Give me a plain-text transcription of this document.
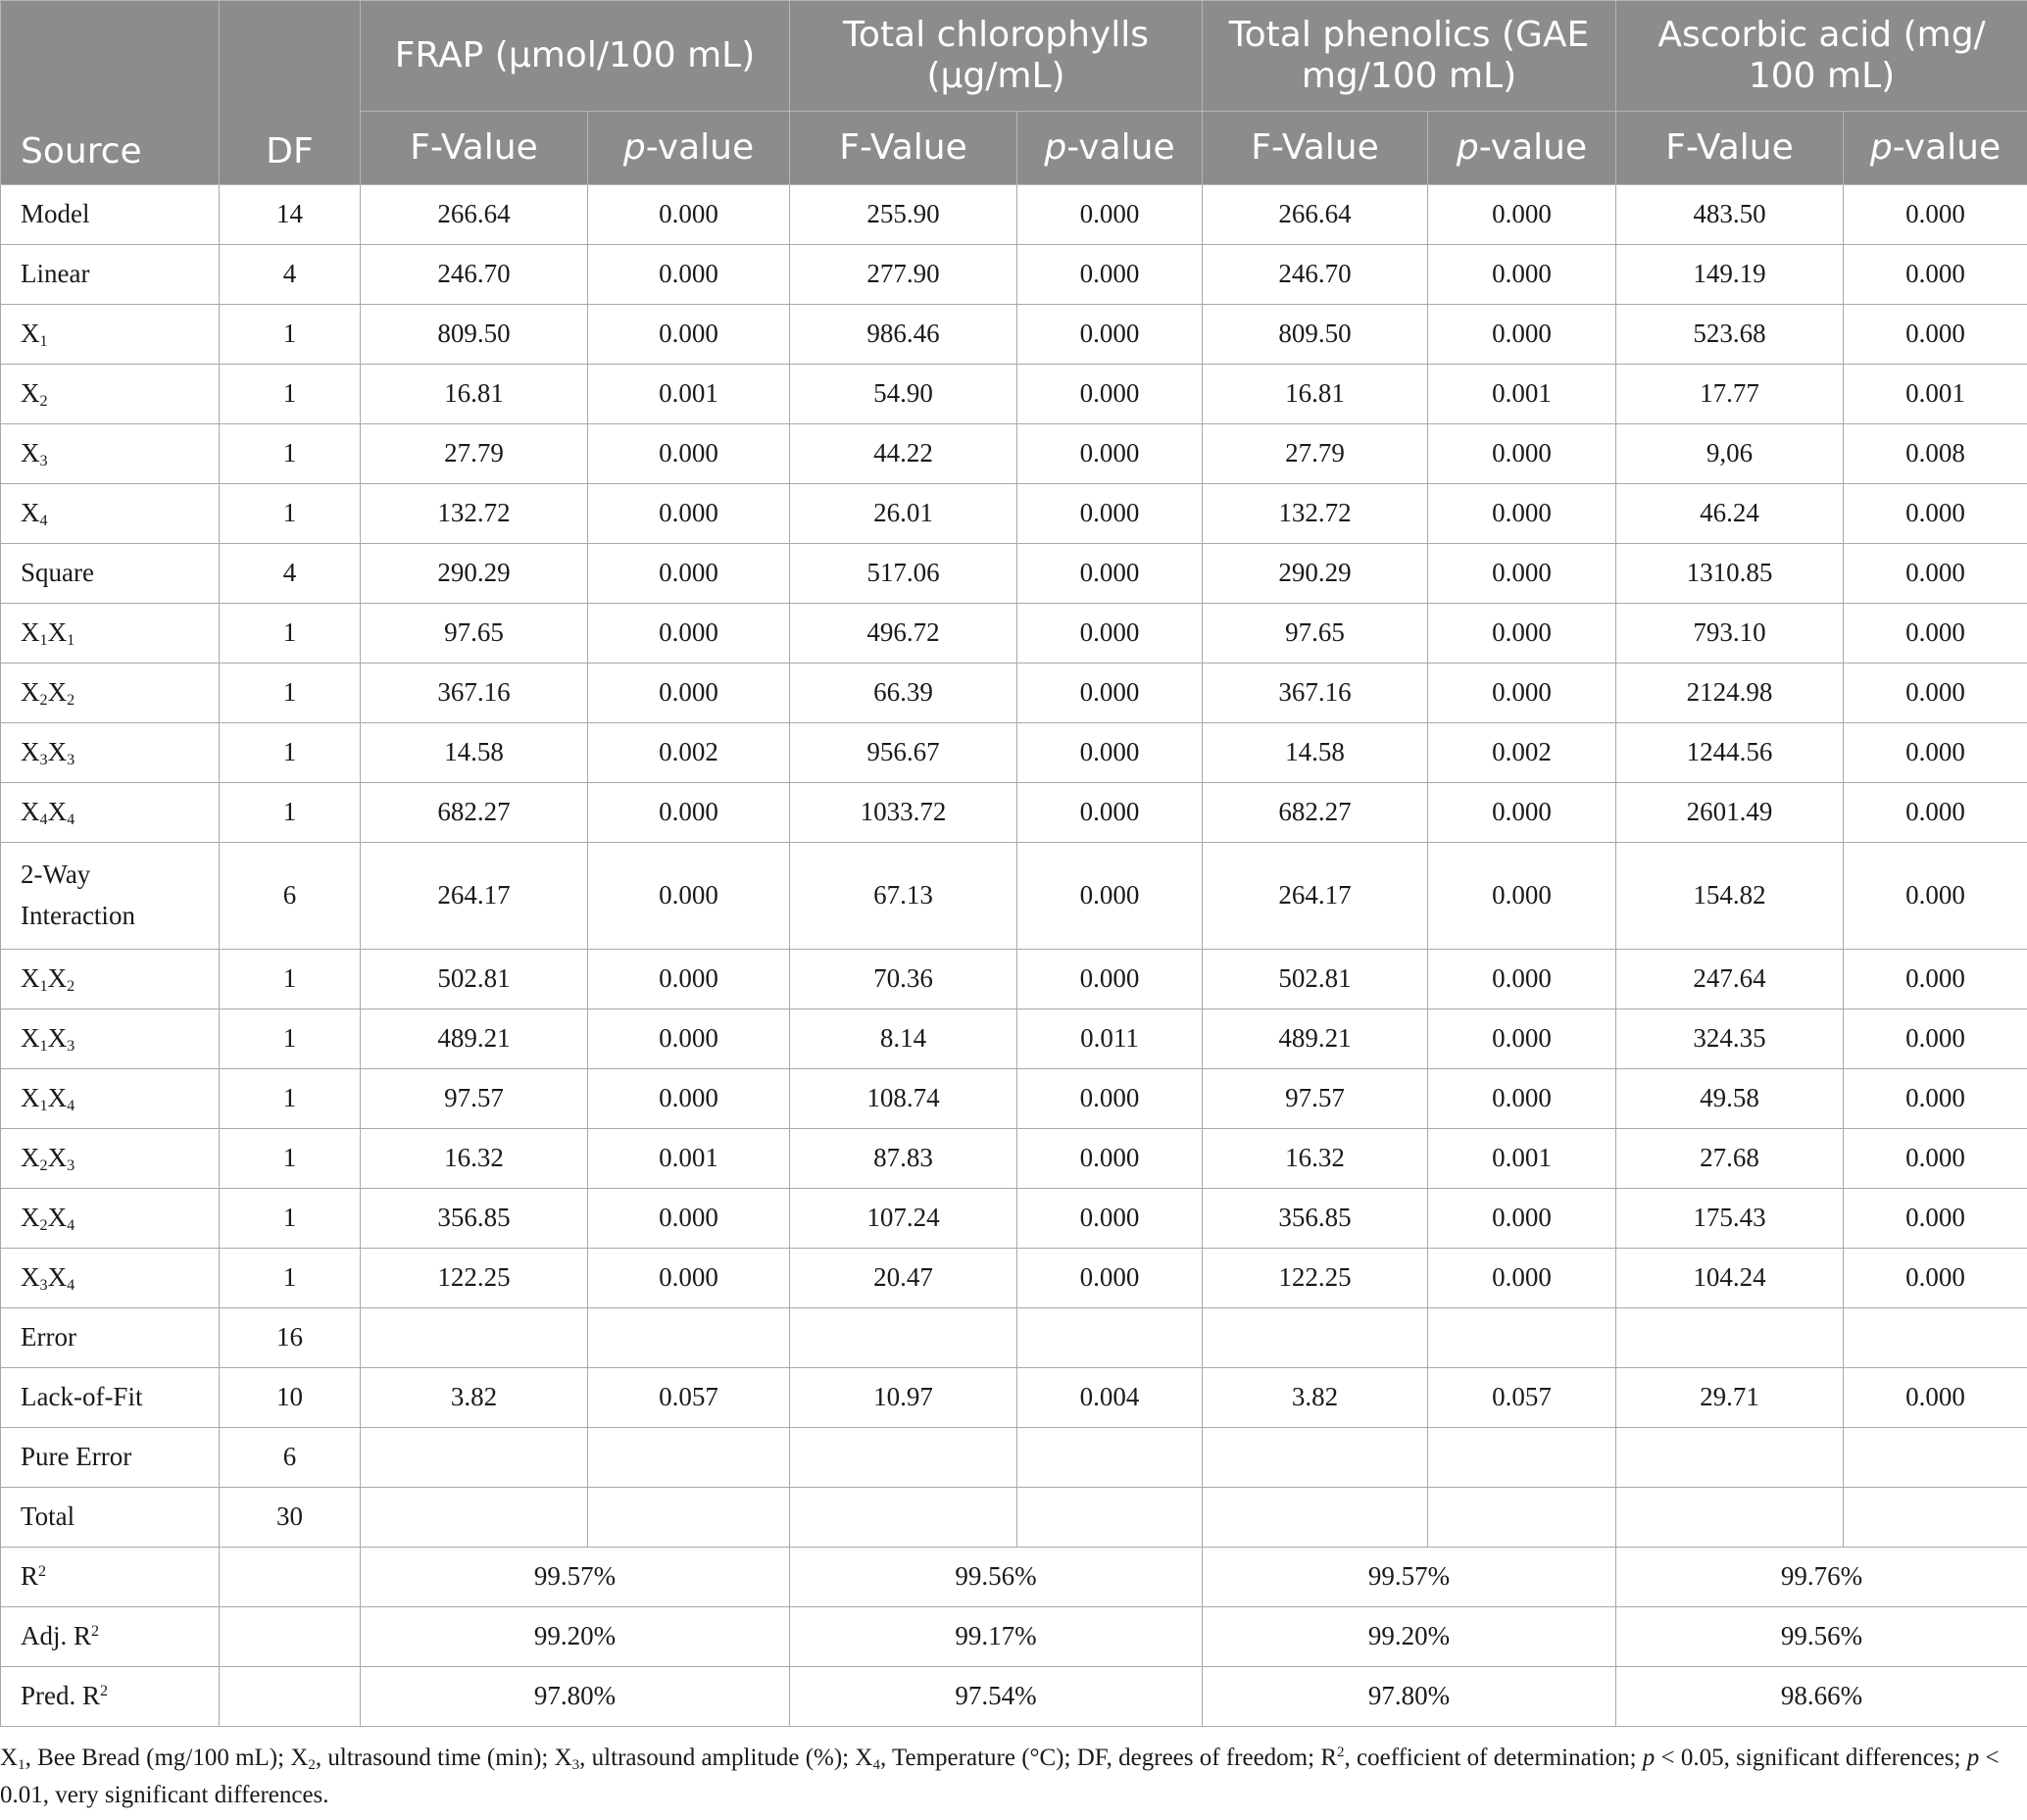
Source	DF	FRAP (μmol/100 mL)		Total chlorophylls (μg/mL)		Total phenolics (GAE mg/100 mL)		Ascorbic acid (mg/ 100 mL)	
		F-Value	p-value	F-Value	p-value	F-Value	p-value	F-Value	p-value
Model	14	266.64	0.000	255.90	0.000	266.64	0.000	483.50	0.000
Linear	4	246.70	0.000	277.90	0.000	246.70	0.000	149.19	0.000
$X_1$	1	809.50	0.000	986.46	0.000	809.50	0.000	523.68	0.000
$X_2$	1	16.81	0.001	54.90	0.000	16.81	0.001	17.77	0.001
$X_3$	1	27.79	0.000	44.22	0.000	27.79	0.000	9,06	0.008
$X_4$	1	132.72	0.000	26.01	0.000	132.72	0.000	46.24	0.000
Square	4	290.29	0.000	517.06	0.000	290.29	0.000	1310.85	0.000
$X_1X_1$	1	97.65	0.000	496.72	0.000	97.65	0.000	793.10	0.000
$X_2X_2$	1	367.16	0.000	66.39	0.000	367.16	0.000	2124.98	0.000
$X_3X_3$	1	14.58	0.002	956.67	0.000	14.58	0.002	1244.56	0.000
$X_4X_4$	1	682.27	0.000	1033.72	0.000	682.27	0.000	2601.49	0.000
2-Way
Interaction	6	264.17	0.000	67.13	0.000	264.17	0.000	154.82	0.000
$X_1X_2$	1	502.81	0.000	70.36	0.000	502.81	0.000	247.64	0.000
$X_1X_3$	1	489.21	0.000	8.14	0.011	489.21	0.000	324.35	0.000
$X_1X_4$	1	97.57	0.000	108.74	0.000	97.57	0.000	49.58	0.000
$X_2X_3$	1	16.32	0.001	87.83	0.000	16.32	0.001	27.68	0.000
$X_2X_4$	1	356.85	0.000	107.24	0.000	356.85	0.000	175.43	0.000
$X_3X_4$	1	122.25	0.000	20.47	0.000	122.25	0.000	104.24	0.000
Error	16								
Lack-of-Fit	10	3.82	0.057	10.97	0.004	3.82	0.057	29.71	0.000
Pure Error	6								
Total	30								
$R^2$		99.57%		99.56%		99.57%		99.76%	
Adj. $R^2$		99.20%		99.17%		99.20%		99.56%	
Pred. $R^2$		97.80%		97.54%		97.80%		98.66%	
$X_1$, Bee Bread (mg/100 mL); $X_2$, ultrasound time (min); $X_3$, ultrasound amplitude (%); $X_4$, Temperature (°C); DF, degrees of freedom; $R^2$, coefficient of determination; p < 0.05, significant differences; p < 0.01, very significant differences.
